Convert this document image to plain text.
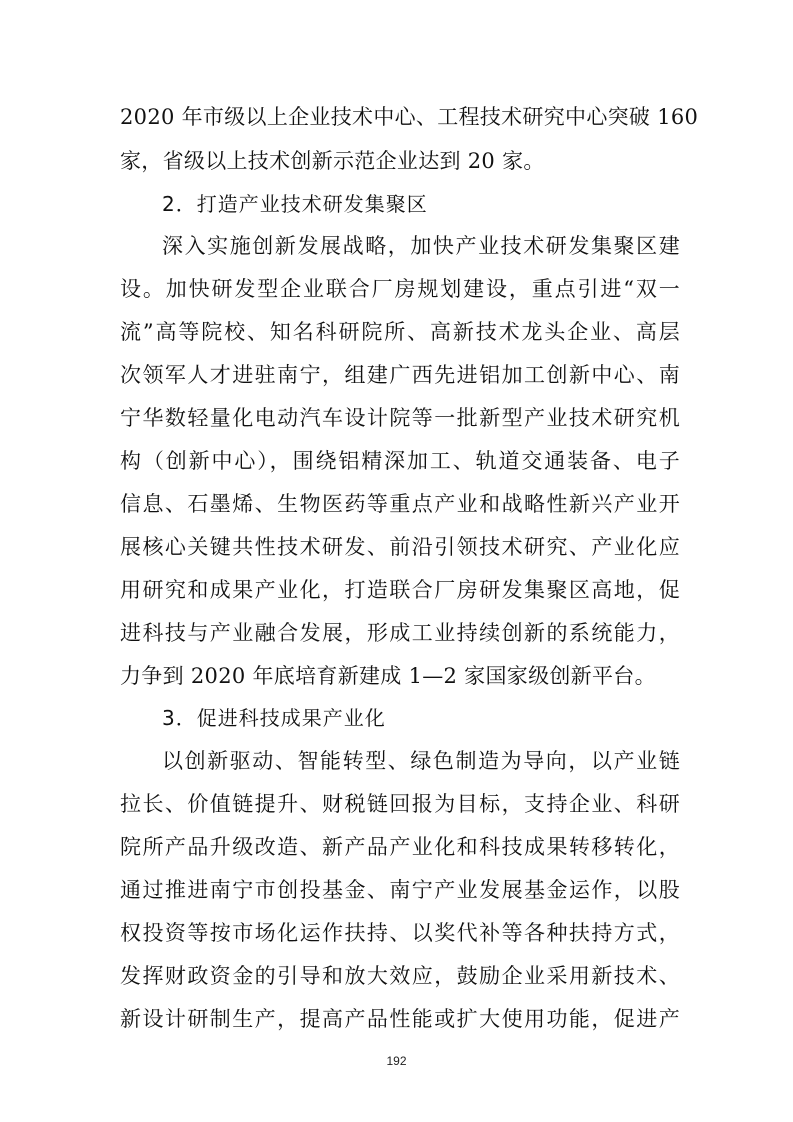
2020 年市级以上企业技术中心、工程技术研究中心突破 160
家，省级以上技术创新示范企业达到 20 家。
2．打造产业技术研发集聚区
深入实施创新发展战略，加快产业技术研发集聚区建
设。加快研发型企业联合厂房规划建设，重点引进“双一
流”高等院校、知名科研院所、高新技术龙头企业、高层
次领军人才进驻南宁，组建广西先进铝加工创新中心、南
宁华数轻量化电动汽车设计院等一批新型产业技术研究机
构（创新中心），围绕铝精深加工、轨道交通装备、电子
信息、石墨烯、生物医药等重点产业和战略性新兴产业开
展核心关键共性技术研发、前沿引领技术研究、产业化应
用研究和成果产业化，打造联合厂房研发集聚区高地，促
进科技与产业融合发展，形成工业持续创新的系统能力，
力争到 2020 年底培育新建成 1—2 家国家级创新平台。
3．促进科技成果产业化
以创新驱动、智能转型、绿色制造为导向，以产业链
拉长、价值链提升、财税链回报为目标，支持企业、科研
院所产品升级改造、新产品产业化和科技成果转移转化，
通过推进南宁市创投基金、南宁产业发展基金运作，以股
权投资等按市场化运作扶持、以奖代补等各种扶持方式，
发挥财政资金的引导和放大效应，鼓励企业采用新技术、
新设计研制生产，提高产品性能或扩大使用功能，促进产
192
